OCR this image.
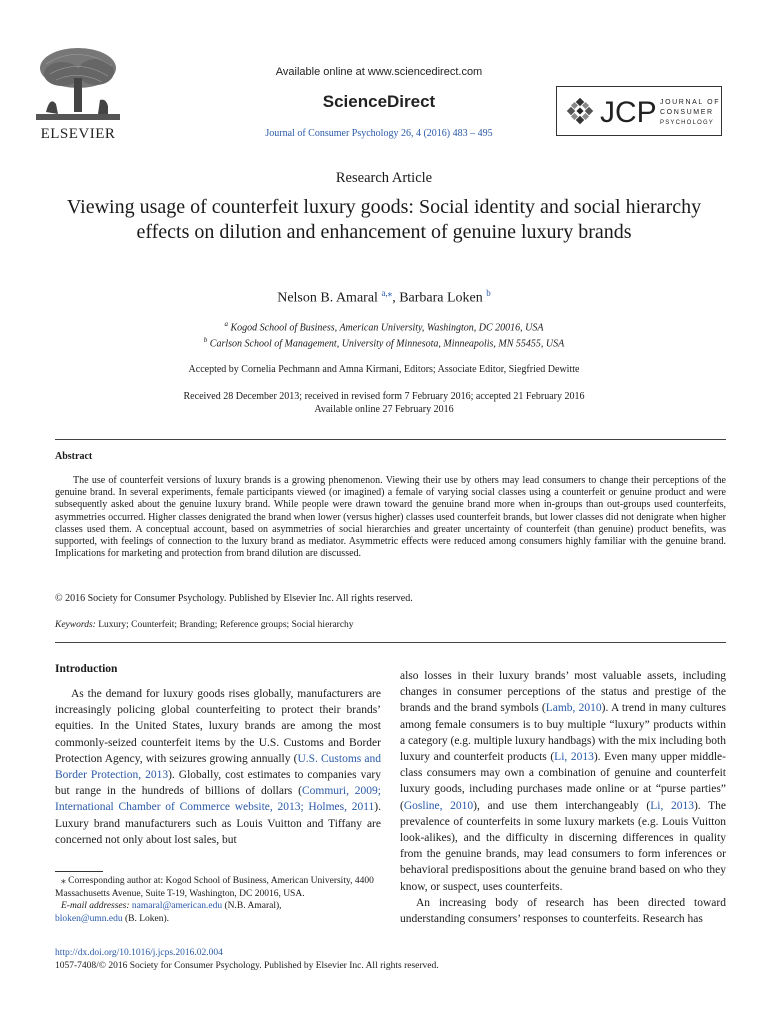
ELSEVIER
Available online at www.sciencedirect.com
ScienceDirect
Journal of Consumer Psychology 26, 4 (2016) 483 – 495
JCP JOURNAL OF
CONSUMER
PSYCHOLOGY
Research Article
Viewing usage of counterfeit luxury goods: Social identity and social hierarchy effects on dilution and enhancement of genuine luxury brands
Nelson B. Amaral $^{a,⁎}$, Barbara Loken $^b$
$^a$ Kogod School of Business, American University, Washington, DC 20016, USA
$^b$ Carlson School of Management, University of Minnesota, Minneapolis, MN 55455, USA
Accepted by Cornelia Pechmann and Amna Kirmani, Editors; Associate Editor, Siegfried Dewitte
Received 28 December 2013; received in revised form 7 February 2016; accepted 21 February 2016
Available online 27 February 2016
Abstract
The use of counterfeit versions of luxury brands is a growing phenomenon. Viewing their use by others may lead consumers to change their perceptions of the genuine brand. In several experiments, female participants viewed (or imagined) a female of varying social classes using a counterfeit or genuine product and were subsequently asked about the genuine luxury brand. While people were drawn toward the genuine brand more when in-groups than out-groups used counterfeits, asymmetries occurred. Higher classes denigrated the brand when lower (versus higher) classes used counterfeit brands, but lower classes did not denigrate when higher classes used them. A conceptual account, based on asymmetries of social hierarchies and greater uncertainty of counterfeit (than genuine) product benefits, was supported, with feelings of connection to the luxury brand as mediator. Asymmetric effects were reduced among consumers highly familiar with the genuine brand. Implications for marketing and protection from brand dilution are discussed.
© 2016 Society for Consumer Psychology. Published by Elsevier Inc. All rights reserved.
Keywords: Luxury; Counterfeit; Branding; Reference groups; Social hierarchy
Introduction

As the demand for luxury goods rises globally, manufacturers are increasingly policing global counterfeiting to protect their brands’ equities. In the United States, luxury brands are among the most commonly-seized counterfeit items by the U.S. Customs and Border Protection Agency, with seizures growing annually (U.S. Customs and Border Protection, 2013). Globally, cost estimates to companies vary but range in the hundreds of billions of dollars (Commuri, 2009; International Chamber of Commerce website, 2013; Holmes, 2011). Luxury brand manufacturers such as Louis Vuitton and Tiffany are concerned not only about lost sales, but

also losses in their luxury brands’ most valuable assets, including changes in consumer perceptions of the status and prestige of the brands and the brand symbols (Lamb, 2010). A trend in many cultures among female consumers is to buy multiple “luxury” products within a category (e.g. multiple luxury handbags) with the mix including both luxury and counterfeit products (Li, 2013). Even many upper middle-class consumers may own a combination of genuine and counterfeit luxury goods, including purchases made online or at “purse parties” (Gosline, 2010), and use them interchangeably (Li, 2013). The prevalence of counterfeits in some luxury markets (e.g. Louis Vuitton look-alikes), and the difficulty in discerning differences in quality from the genuine brands, may lead consumers to form inferences or behavioral predispositions about the genuine brand based on who they know, or suspect, uses counterfeits.

An increasing body of research has been directed toward understanding consumers’ responses to counterfeits. Research has

⁎ Corresponding author at: Kogod School of Business, American University, 4400 Massachusetts Avenue, Suite T-19, Washington, DC 20016, USA.
E-mail addresses: namaral@american.edu (N.B. Amaral),
bloken@umn.edu (B. Loken).
http://dx.doi.org/10.1016/j.jcps.2016.02.004
1057-7408/© 2016 Society for Consumer Psychology. Published by Elsevier Inc. All rights reserved.
